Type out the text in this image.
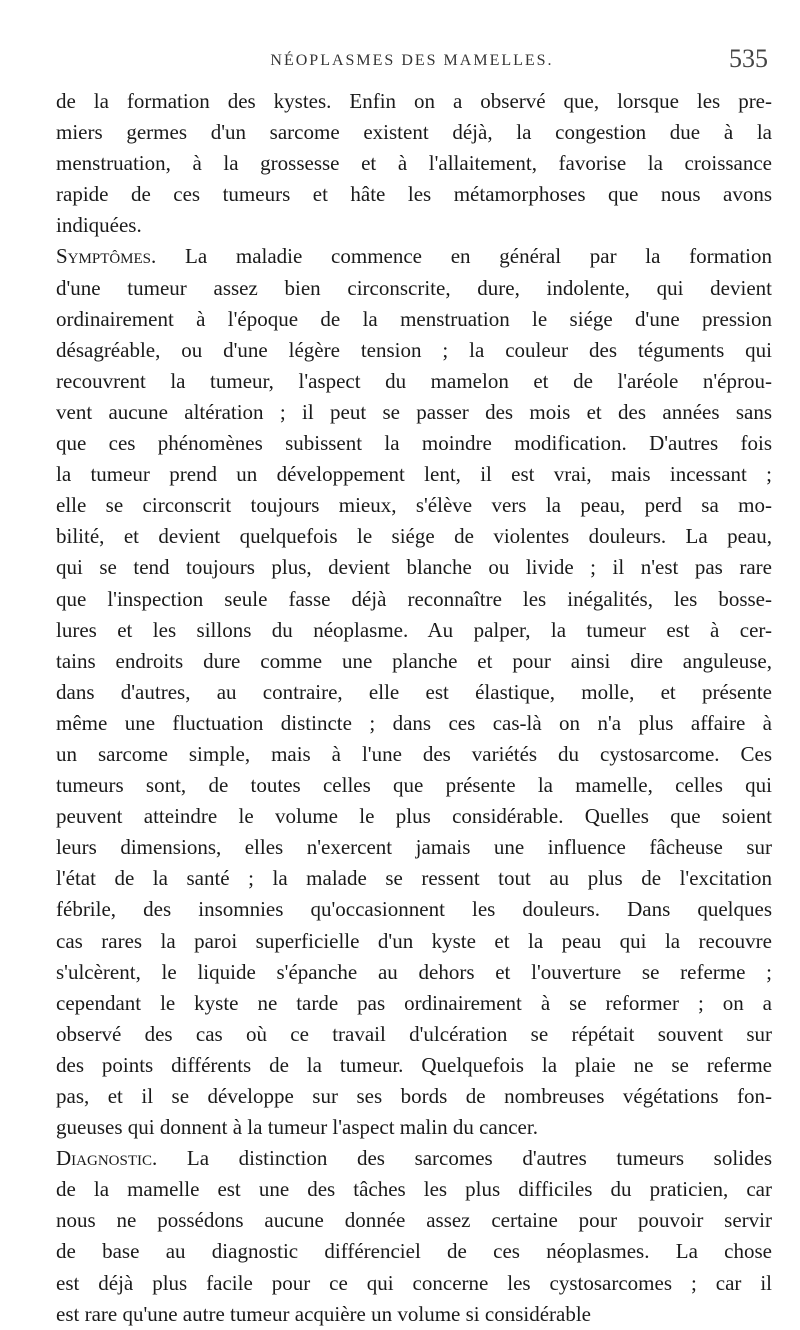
NÉOPLASMES DES MAMELLES.	535
de la formation des kystes. Enfin on a observé que, lorsque les pre-
miers germes d'un sarcome existent déjà, la congestion due à la
menstruation, à la grossesse et à l'allaitement, favorise la croissance
rapide de ces tumeurs et hâte les métamorphoses que nous avons
indiquées.
Symptômes. La maladie commence en général par la formation
d'une tumeur assez bien circonscrite, dure, indolente, qui devient
ordinairement à l'époque de la menstruation le siége d'une pression
désagréable, ou d'une légère tension ; la couleur des téguments qui
recouvrent la tumeur, l'aspect du mamelon et de l'aréole n'éprou-
vent aucune altération ; il peut se passer des mois et des années sans
que ces phénomènes subissent la moindre modification. D'autres fois
la tumeur prend un développement lent, il est vrai, mais incessant ;
elle se circonscrit toujours mieux, s'élève vers la peau, perd sa mo-
bilité, et devient quelquefois le siége de violentes douleurs. La peau,
qui se tend toujours plus, devient blanche ou livide ; il n'est pas rare
que l'inspection seule fasse déjà reconnaître les inégalités, les bosse-
lures et les sillons du néoplasme. Au palper, la tumeur est à cer-
tains endroits dure comme une planche et pour ainsi dire anguleuse,
dans d'autres, au contraire, elle est élastique, molle, et présente
même une fluctuation distincte ; dans ces cas-là on n'a plus affaire à
un sarcome simple, mais à l'une des variétés du cystosarcome. Ces
tumeurs sont, de toutes celles que présente la mamelle, celles qui
peuvent atteindre le volume le plus considérable. Quelles que soient
leurs dimensions, elles n'exercent jamais une influence fâcheuse sur
l'état de la santé ; la malade se ressent tout au plus de l'excitation
fébrile, des insomnies qu'occasionnent les douleurs. Dans quelques
cas rares la paroi superficielle d'un kyste et la peau qui la recouvre
s'ulcèrent, le liquide s'épanche au dehors et l'ouverture se referme ;
cependant le kyste ne tarde pas ordinairement à se reformer ; on a
observé des cas où ce travail d'ulcération se répétait souvent sur
des points différents de la tumeur. Quelquefois la plaie ne se referme
pas, et il se développe sur ses bords de nombreuses végétations fon-
gueuses qui donnent à la tumeur l'aspect malin du cancer.
Diagnostic. La distinction des sarcomes d'autres tumeurs solides
de la mamelle est une des tâches les plus difficiles du praticien, car
nous ne possédons aucune donnée assez certaine pour pouvoir servir
de base au diagnostic différenciel de ces néoplasmes. La chose
est déjà plus facile pour ce qui concerne les cystosarcomes ; car il
est rare qu'une autre tumeur acquière un volume si considérable
